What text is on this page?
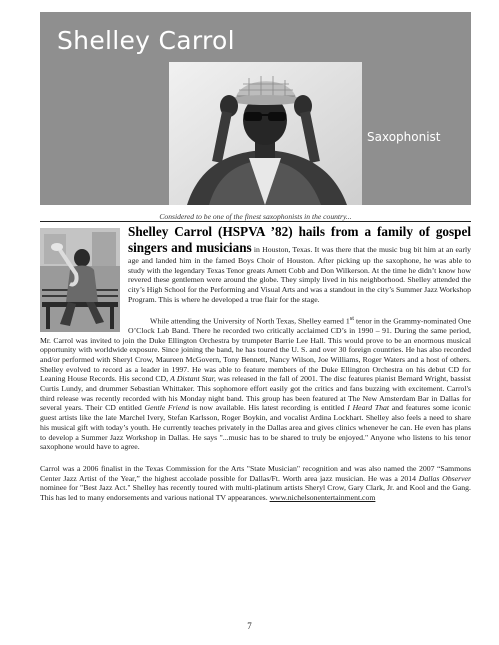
Shelley Carrol
Saxophonist
Considered to be one of the finest saxophonists in the country...

Shelley Carrol (HSPVA ’82) hails from a family of gospel singers and musicians in Houston, Texas. It was there that the music bug bit him at an early age and landed him in the famed Boys Choir of Houston. After picking up the saxophone, he was able to study with the legendary Texas Tenor greats Arnett Cobb and Don Wilkerson. At the time he didn’t know how revered these gentlemen were around the globe. They simply lived in his neighborhood. Shelley attended the city’s High School for the Performing and Visual Arts and was a standout in the city’s Summer Jazz Workshop Program. This is where he developed a true flair for the stage.

While attending the University of North Texas, Shelley earned 1st tenor in the Grammy-nominated One O’Clock Lab Band. There he recorded two critically acclaimed CD’s in 1990 – 91. During the same period, Mr. Carrol was invited to join the Duke Ellington Orchestra by trumpeter Barrie Lee Hall. This would prove to be an enormous musical opportunity with worldwide exposure. Since joining the band, he has toured the U. S. and over 30 foreign countries. He has also recorded and/or performed with Sheryl Crow, Maureen McGovern, Tony Bennett, Nancy Wilson, Joe Williams, Roger Waters and a host of others. Shelley evolved to record as a leader in 1997. He was able to feature members of the Duke Ellington Orchestra on his debut CD for Leaning House Records. His second CD, A Distant Star, was released in the fall of 2001. The disc features pianist Bernard Wright, bassist Curtis Lundy, and drummer Sebastian Whittaker. This sophomore effort easily got the critics and fans buzzing with excitement. Carrol's third release was recently recorded with his Monday night band. This group has been featured at The New Amsterdam Bar in Dallas for several years. Their CD entitled Gentle Friend is now available. His latest recording is entitled I Heard That and features some iconic guest artists like the late Marchel Ivery, Stefan Karlsson, Roger Boykin, and vocalist Ardina Lockhart. Shelley also feels a need to share his musical gift with today’s youth. He currently teaches privately in the Dallas area and gives clinics whenever he can. He even has plans to develop a Summer Jazz Workshop in Dallas. He says "...music has to be shared to truly be enjoyed." Anyone who listens to his tenor saxophone would have to agree.

Carrol was a 2006 finalist in the Texas Commission for the Arts "State Musician" recognition and was also named the 2007 “Sammons Center Jazz Artist of the Year,” the highest accolade possible for Dallas/Ft. Worth area jazz musician. He was a 2014 Dallas Observer nominee for "Best Jazz Act." Shelley has recently toured with multi-platinum artists Sheryl Crow, Gary Clark, Jr. and Kool and the Gang. This has led to many endorsements and various national TV appearances. www.nichelsonentertainment.com

7
